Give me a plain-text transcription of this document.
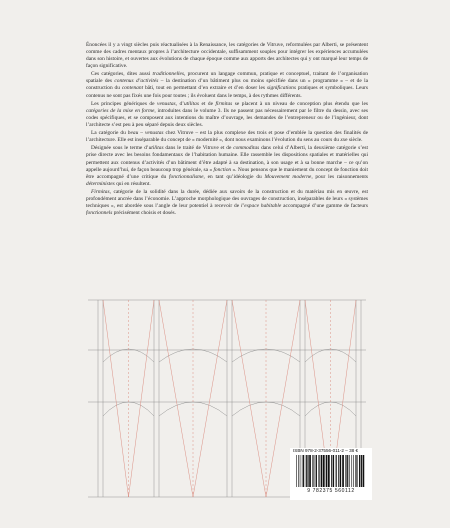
Énoncées il y a vingt siècles puis réactualisées à la Renaissance, les catégories de Vitruve, reformulées par Alberti, se présentent comme des cadres mentaux propres à l’architecture occidentale, suffisamment souples pour intégrer les expériences accumulées dans son histoire, et ouvertes aux évolutions de chaque époque comme aux apports des architectes qui y ont marqué leur temps de façon significative.

Ces catégories, dites aussi traditionnelles, procurent un langage commun, pratique et conceptuel, traitant de l’organisation spatiale des contenus d’activités – la destination d’un bâtiment plus ou moins spécifiée dans un « programme » – et de la construction du contenant bâti, tout en permettant d’en extraire et d’en doser les significations pratiques et symboliques. Leurs contenus ne sont pas fixés une fois pour toutes ; ils évoluent dans le temps, à des rythmes différents.

Les principes génériques de venustas, d’utilitas et de firmitas se placent à un niveau de conception plus étendu que les catégories de la mise en forme, introduites dans le volume 3. Ils ne passent pas nécessairement par le filtre du dessin, avec ses codes spécifiques, et se composent aux intentions du maître d’ouvrage, les demandes de l’entrepreneur ou de l’ingénieur, dont l’architecte s’est peu à peu séparé depuis deux siècles.

La catégorie du beau – venustas chez Vitruve – est la plus complexe des trois et pose d’emblée la question des finalités de l’architecture. Elle est inséparable du concept de « modernité », dont nous examinons l’évolution du sens au cours du xxe siècle.

Désignée sous le terme d’utilitas dans le traité de Vitruve et de commoditas dans celui d’Alberti, la deuxième catégorie s’est prise directe avec les besoins fondamentaux de l’habitation humaine. Elle rassemble les dispositions spatiales et matérielles qui permettent aux contenus d’activités d’un bâtiment d’être adapté à sa destination, à son usage et à sa bonne marche – ce qu’on appelle aujourd’hui, de façon beaucoup trop générale, sa « fonction ». Nous pensons que le maniement du concept de fonction doit être accompagné d’une critique du fonctionnalisme, en tant qu’idéologie du Mouvement moderne, pour les raisonnements déterministes qui en résultent.

Firmitas, catégorie de la solidité dans la durée, dédiée aux savoirs de la construction et du matériau mis en œuvre, est profondément ancrée dans l’économie. L’approche morphologique des ouvrages de construction, inséparables de leurs « systèmes techniques », est abordée sous l’angle de leur potentiel à recevoir de l’espace habitable accompagné d’une gamme de facteurs fonctionnels précisément choisis et dosés.

ISBN 978-2-37556-011-2 – 38 €
9 782375 560112
